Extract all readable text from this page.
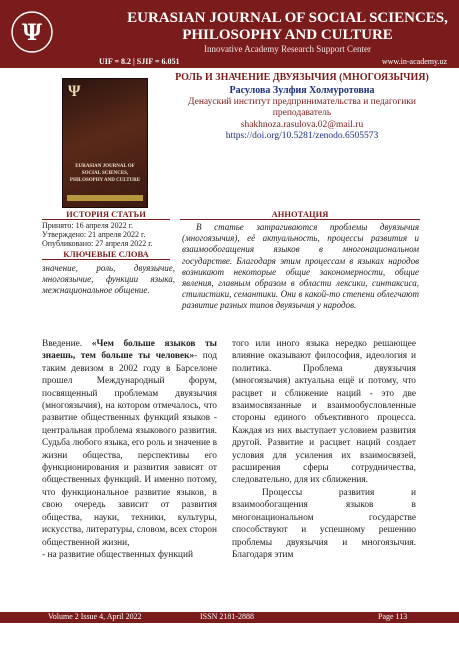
Ψ
EURASIAN JOURNAL OF SOCIAL SCIENCES,
PHILOSOPHY AND CULTURE
Innovative Academy Research Support Center
UIF = 8.2 | SJIF = 6.051	www.in-academy.uz
Ψ
EURASIAN JOURNAL OF SOCIAL SCIENCES, PHILOSOPHY AND CULTURE
РОЛЬ И ЗНАЧЕНИЕ ДВУЯЗЫЧИЯ (МНОГОЯЗЫЧИЯ)
Расулова Зулфия Холмуротовна
Денауский институт предпринимательства и педагогики
преподаватель
shakhnoza.rasulova.02@mail.ru
https://doi.org/10.5281/zenodo.6505573
ИСТОРИЯ СТАТЬИ
Принято: 16 апреля 2022 г.
Утверждено: 21 апреля 2022 г.
Опубликовано: 27 апреля 2022 г.
КЛЮЧЕВЫЕ СЛОВА
значение, роль, двуязычие, многоязычие, функции языка, межнациональное общение.
АННОТАЦИЯ
В статье затрагиваются проблемы двуязычия (многоязычия), её актуальность, процессы развития и взаимообогащения языков в многонациональном государстве. Благодаря этим процессам в языках народов возникают некоторые общие закономерности, общие явления, главным образом в области лексики, синтаксиса, стилистики, семантики. Они в какой-то степени облегчают развитие разных типов двуязычия у народов.
Введение. «Чем больше языков ты знаешь, тем больше ты человек»- под таким девизом в 2002 году в Барселоне прошел Международный форум, посвященный проблемам двуязычия (многоязычия), на котором отмечалось, что развитие общественных функций языков - центральная проблема языкового развития. Судьба любого языка, его роль и значение в жизни общества, перспективы его функционирования и развития зависят от общественных функций. И именно потому, что функциональное развитие языков, в свою очередь зависит от развития общества, науки, техники, культуры, искусства, литературы, словом, всех сторон общественной жизни,
- на развитие общественных функций
того или иного языка нередко решающее влияние оказывают философия, идеология и политика. Проблема двуязычия (многоязычия) актуальна ещё и потому, что расцвет и сближение наций - это две взаимосвязанные и взаимообусловленные стороны единого объективного процесса. Каждая из них выступает условием развития другой. Развитие и расцвет наций создает условия для усиления их взаимосвязей, расширения сферы сотрудничества, следовательно, для их сближения.
Процессы развития и взаимообогащения языков в многонациональном государстве способствуют и успешному решению проблемы двуязычия и многоязычия. Благодаря этим
Volume 2 Issue 4, April 2022	ISSN 2181-2888	Page 113
